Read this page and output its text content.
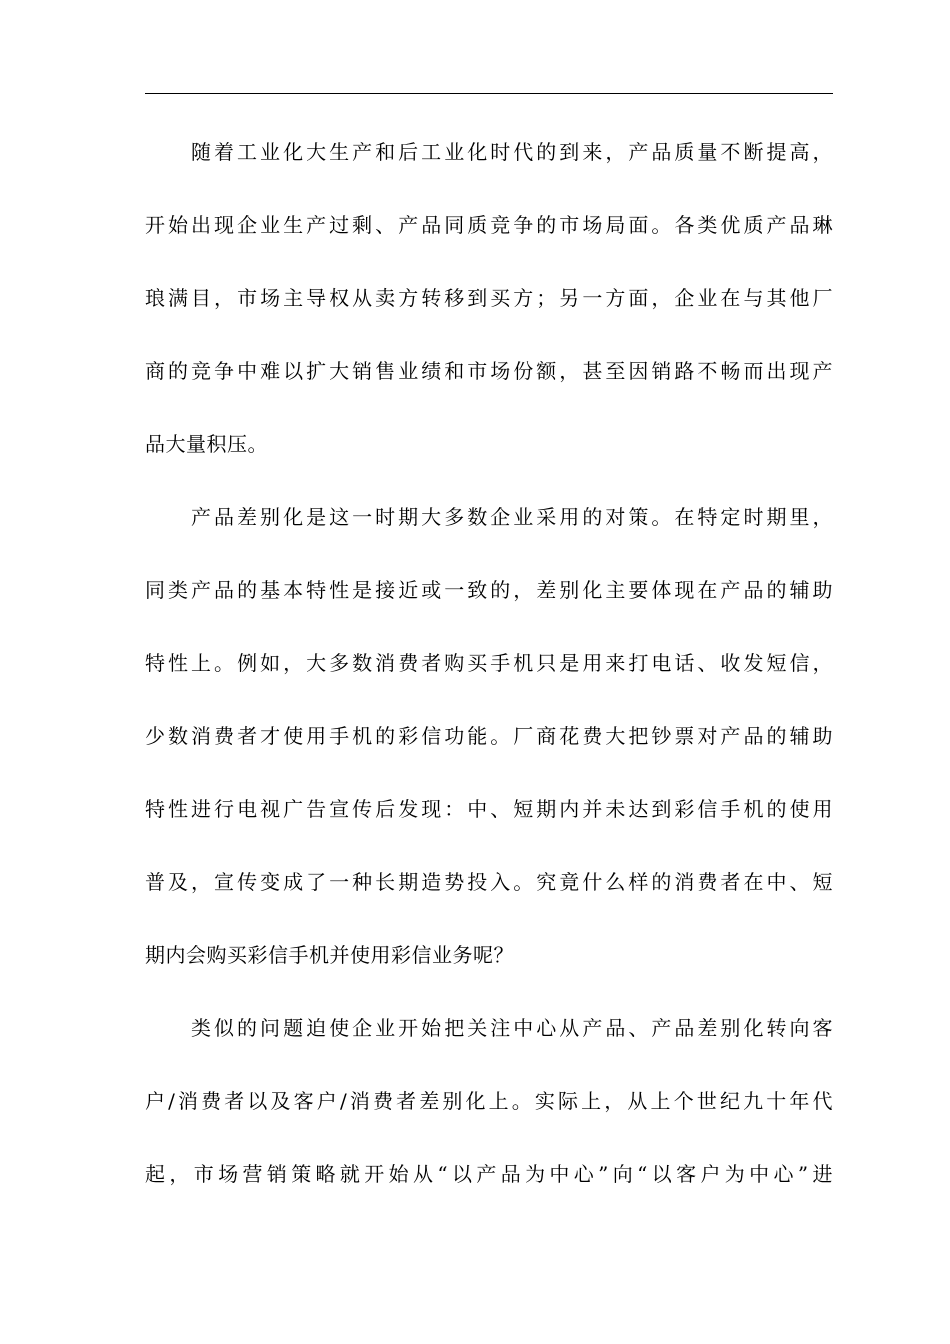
随着工业化大生产和后工业化时代的到来，产品质量不断提高，
开始出现企业生产过剩、产品同质竞争的市场局面。各类优质产品琳
琅满目，市场主导权从卖方转移到买方；另一方面，企业在与其他厂
商的竞争中难以扩大销售业绩和市场份额，甚至因销路不畅而出现产
品大量积压。
产品差别化是这一时期大多数企业采用的对策。在特定时期里，
同类产品的基本特性是接近或一致的，差别化主要体现在产品的辅助
特性上。例如，大多数消费者购买手机只是用来打电话、收发短信，
少数消费者才使用手机的彩信功能。厂商花费大把钞票对产品的辅助
特性进行电视广告宣传后发现：中、短期内并未达到彩信手机的使用
普及，宣传变成了一种长期造势投入。究竟什么样的消费者在中、短
期内会购买彩信手机并使用彩信业务呢？
类似的问题迫使企业开始把关注中心从产品、产品差别化转向客
户/消费者以及客户/消费者差别化上。实际上，从上个世纪九十年代
起，市场营销策略就开始从“以产品为中心”向“以客户为中心”进
